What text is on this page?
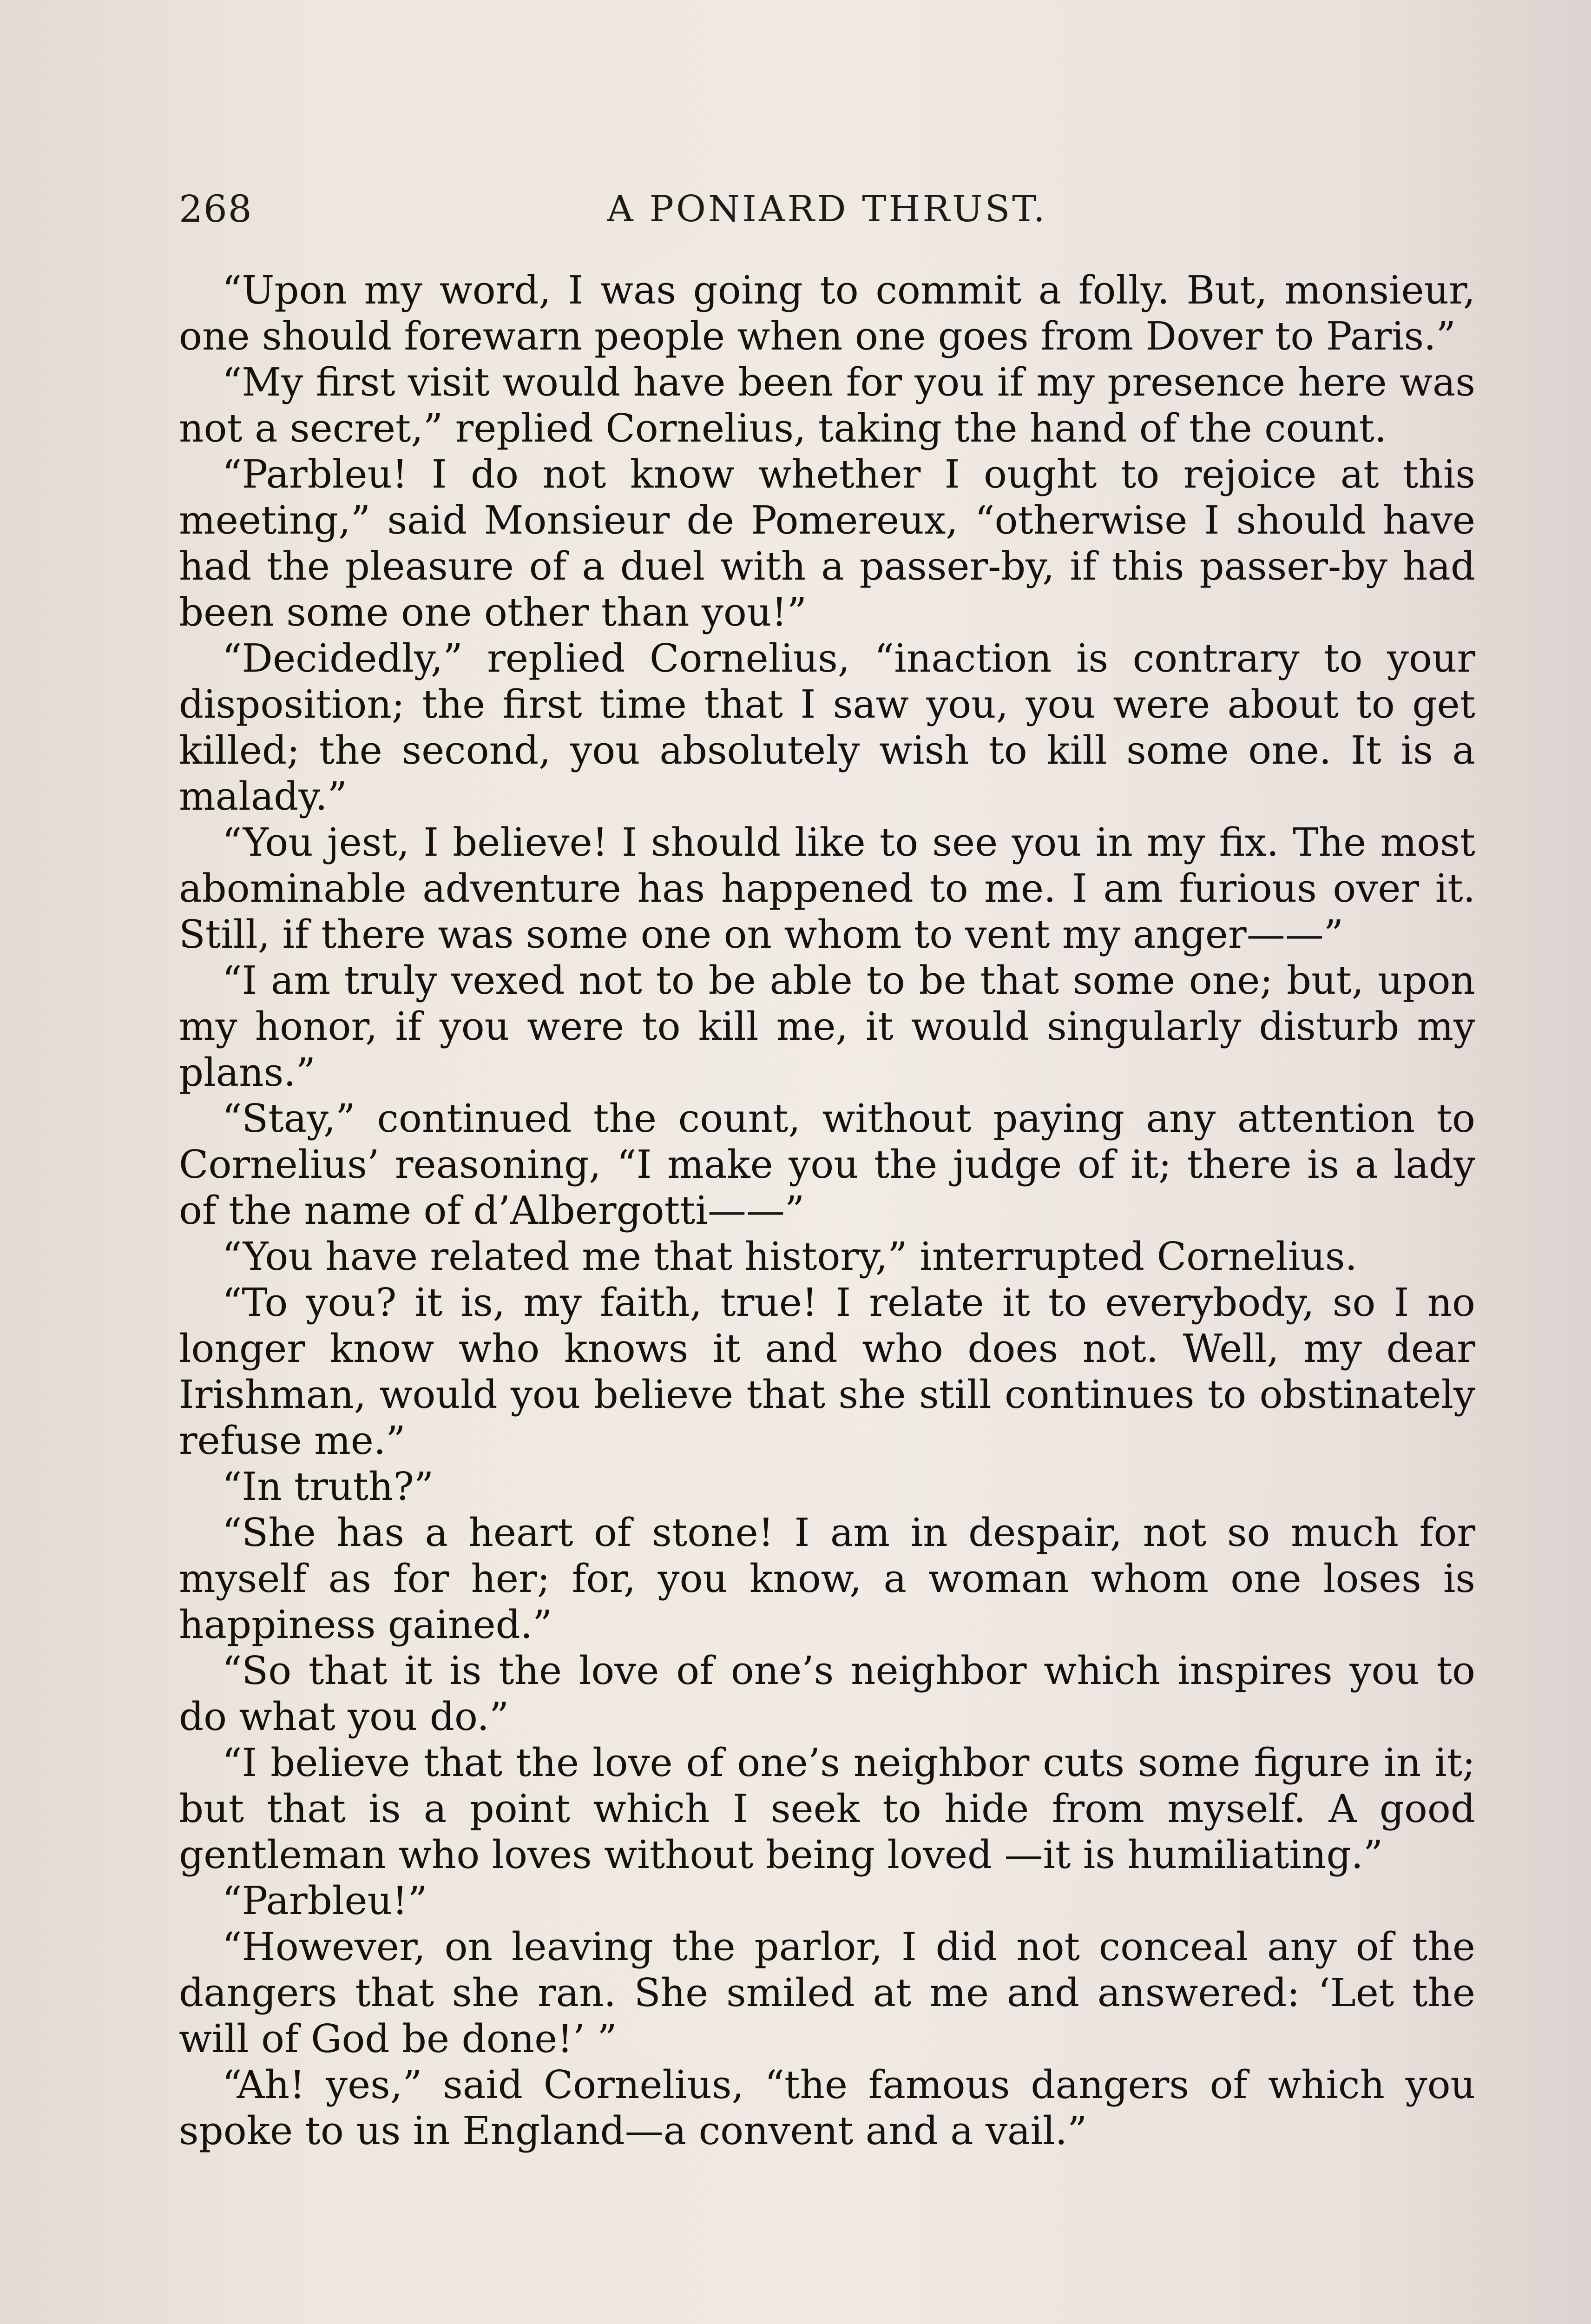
268	A PONIARD THRUST.

“Upon my word, I was going to commit a folly. But, monsieur, one should forewarn people when one goes from Dover to Paris.”

“My first visit would have been for you if my presence here was not a secret,” replied Cornelius, taking the hand of the count.

“Parbleu! I do not know whether I ought to rejoice at this meeting,” said Monsieur de Pomereux, “otherwise I should have had the pleasure of a duel with a passer-by, if this passer-by had been some one other than you!”

“Decidedly,” replied Cornelius, “inaction is contrary to your disposition; the first time that I saw you, you were about to get killed; the second, you absolutely wish to kill some one. It is a malady.”

“You jest, I believe! I should like to see you in my fix. The most abominable adventure has happened to me. I am furious over it. Still, if there was some one on whom to vent my anger——”

“I am truly vexed not to be able to be that some one; but, upon my honor, if you were to kill me, it would singularly disturb my plans.”

“Stay,” continued the count, without paying any attention to Cornelius’ reasoning, “I make you the judge of it; there is a lady of the name of d’Albergotti——”

“You have related me that history,” interrupted Cornelius.

“To you? it is, my faith, true! I relate it to everybody, so I no longer know who knows it and who does not. Well, my dear Irishman, would you believe that she still continues to obstinately refuse me.”

“In truth?”

“She has a heart of stone! I am in despair, not so much for myself as for her; for, you know, a woman whom one loses is happiness gained.”

“So that it is the love of one’s neighbor which inspires you to do what you do.”

“I believe that the love of one’s neighbor cuts some figure in it; but that is a point which I seek to hide from myself. A good gentleman who loves without being loved —it is humiliating.”

“Parbleu!”

“However, on leaving the parlor, I did not conceal any of the dangers that she ran. She smiled at me and answered: ‘Let the will of God be done!’ ”

“Ah! yes,” said Cornelius, “the famous dangers of which you spoke to us in England—a convent and a vail.”
